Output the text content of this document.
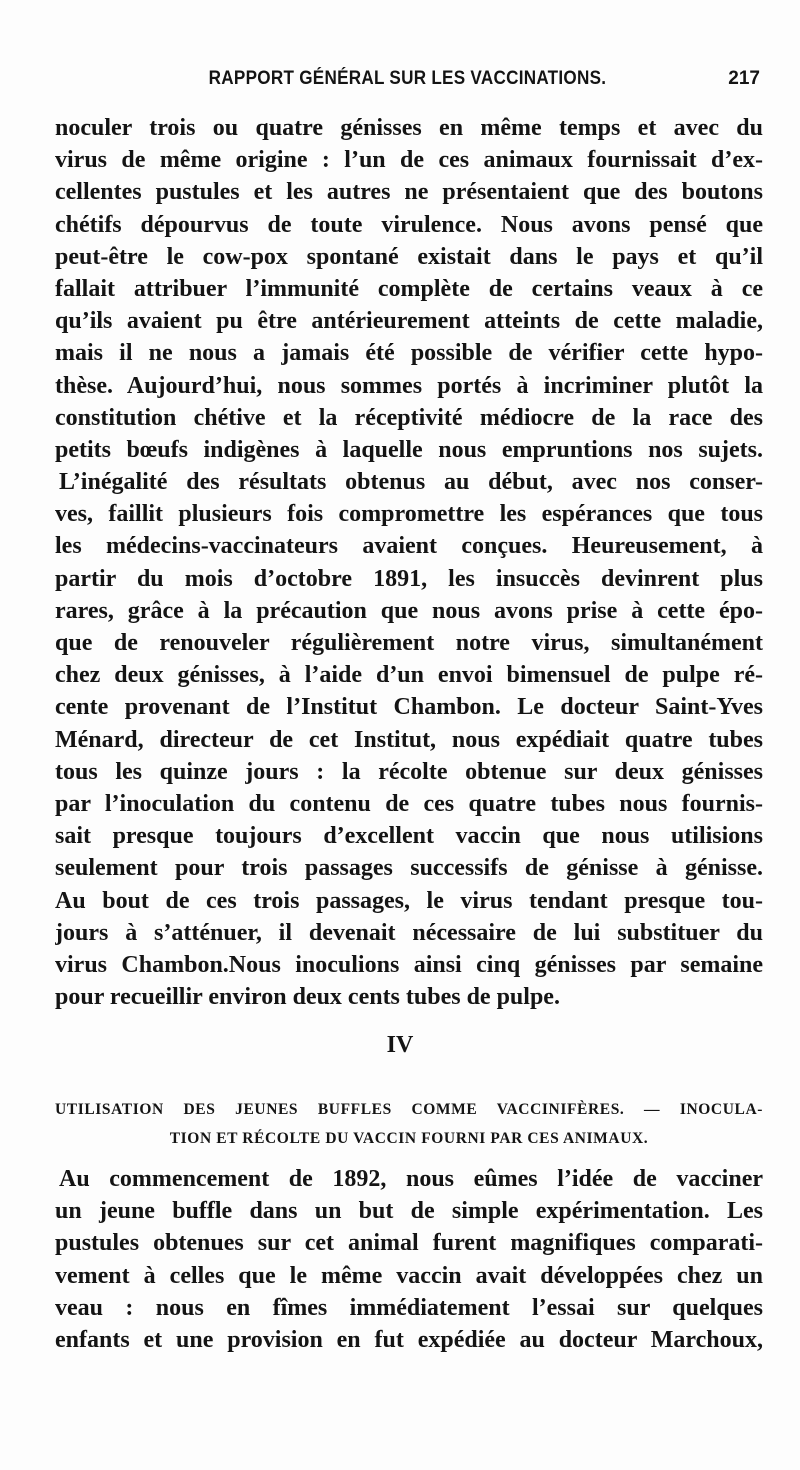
RAPPORT GÉNÉRAL SUR LES VACCINATIONS.	217
noculer trois ou quatre génisses en même temps et avec du
virus de même origine : l’un de ces animaux fournissait d’ex-
cellentes pustules et les autres ne présentaient que des boutons
chétifs dépourvus de toute virulence. Nous avons pensé que
peut-être le cow-pox spontané existait dans le pays et qu’il
fallait attribuer l’immunité complète de certains veaux à ce
qu’ils avaient pu être antérieurement atteints de cette maladie,
mais il ne nous a jamais été possible de vérifier cette hypo-
thèse. Aujourd’hui, nous sommes portés à incriminer plutôt la
constitution chétive et la réceptivité médiocre de la race des
petits bœufs indigènes à laquelle nous empruntions nos sujets.
L’inégalité des résultats obtenus au début, avec nos conser-
ves, faillit plusieurs fois compromettre les espérances que tous
les médecins-vaccinateurs avaient conçues. Heureusement, à
partir du mois d’octobre 1891, les insuccès devinrent plus
rares, grâce à la précaution que nous avons prise à cette épo-
que de renouveler régulièrement notre virus, simultanément
chez deux génisses, à l’aide d’un envoi bimensuel de pulpe ré-
cente provenant de l’Institut Chambon. Le docteur Saint-Yves
Ménard, directeur de cet Institut, nous expédiait quatre tubes
tous les quinze jours : la récolte obtenue sur deux génisses
par l’inoculation du contenu de ces quatre tubes nous fournis-
sait presque toujours d’excellent vaccin que nous utilisions
seulement pour trois passages successifs de génisse à génisse.
Au bout de ces trois passages, le virus tendant presque tou-
jours à s’atténuer, il devenait nécessaire de lui substituer du
virus Chambon.Nous inoculions ainsi cinq génisses par semaine
pour recueillir environ deux cents tubes de pulpe.
IV
UTILISATION DES JEUNES BUFFLES COMME VACCINIFÈRES. — INOCULA-
TION ET RÉCOLTE DU VACCIN FOURNI PAR CES ANIMAUX.
Au commencement de 1892, nous eûmes l’idée de vacciner
un jeune buffle dans un but de simple expérimentation. Les
pustules obtenues sur cet animal furent magnifiques comparati-
vement à celles que le même vaccin avait développées chez un
veau : nous en fîmes immédiatement l’essai sur quelques
enfants et une provision en fut expédiée au docteur Marchoux,
